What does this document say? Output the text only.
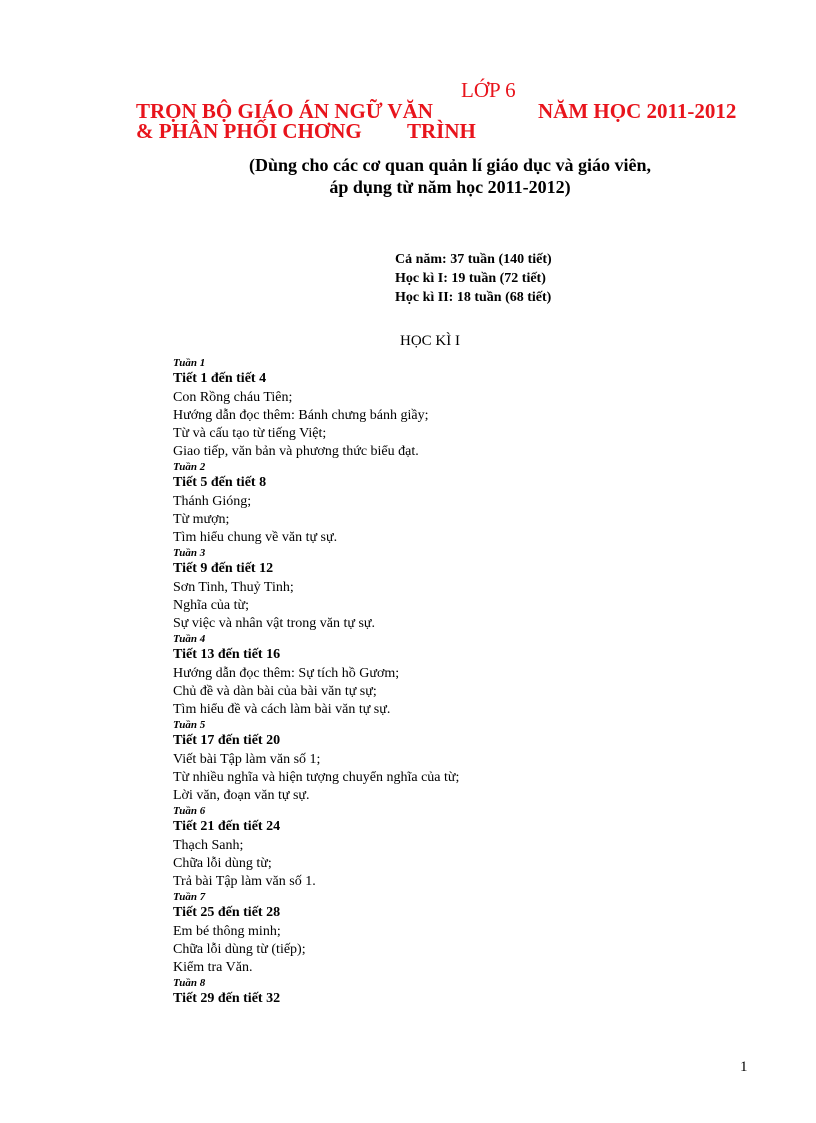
TRỌN BỘ GIÁO ÁN NGỮ VĂN
LỚP 6
NĂM HỌC 2011-2012
& PHÂN PHỐI CHƠNG TRÌNH
(Dùng cho các cơ quan quản lí giáo dục và giáo viên,
áp dụng từ năm học 2011-2012)
Cả năm: 37 tuần (140 tiết)
Học kì I: 19 tuần (72 tiết)
Học kì II: 18 tuần (68 tiết)
HỌC KÌ I
Tuần 1
Tiết 1 đến tiết 4
Con Rồng cháu Tiên;
Hướng dẫn đọc thêm: Bánh chưng bánh giầy;
Từ và cấu tạo từ tiếng Việt;
Giao tiếp, văn bản và phương thức biểu đạt.
Tuần 2
Tiết 5 đến tiết 8
Thánh Gióng;
Từ mượn;
Tìm hiểu chung về văn tự sự.
Tuần 3
Tiết 9 đến tiết 12
Sơn Tinh, Thuỷ Tinh;
Nghĩa của từ;
Sự việc và nhân vật trong văn tự sự.
Tuần 4
Tiết 13 đến tiết 16
Hướng dẫn đọc thêm: Sự tích hồ Gươm;
Chủ đề và dàn bài của bài văn tự sự;
Tìm hiểu đề và cách làm bài văn tự sự.
Tuần 5
Tiết 17 đến tiết 20
Viết bài Tập làm văn số 1;
Từ nhiều nghĩa và hiện tượng chuyển nghĩa của từ;
Lời văn, đoạn văn tự sự.
Tuần 6
Tiết 21 đến tiết 24
Thạch Sanh;
Chữa lỗi dùng từ;
Trả bài Tập làm văn số 1.
Tuần 7
Tiết 25 đến tiết 28
Em bé thông minh;
Chữa lỗi dùng từ (tiếp);
Kiểm tra Văn.
Tuần 8
Tiết 29 đến tiết 32
1
